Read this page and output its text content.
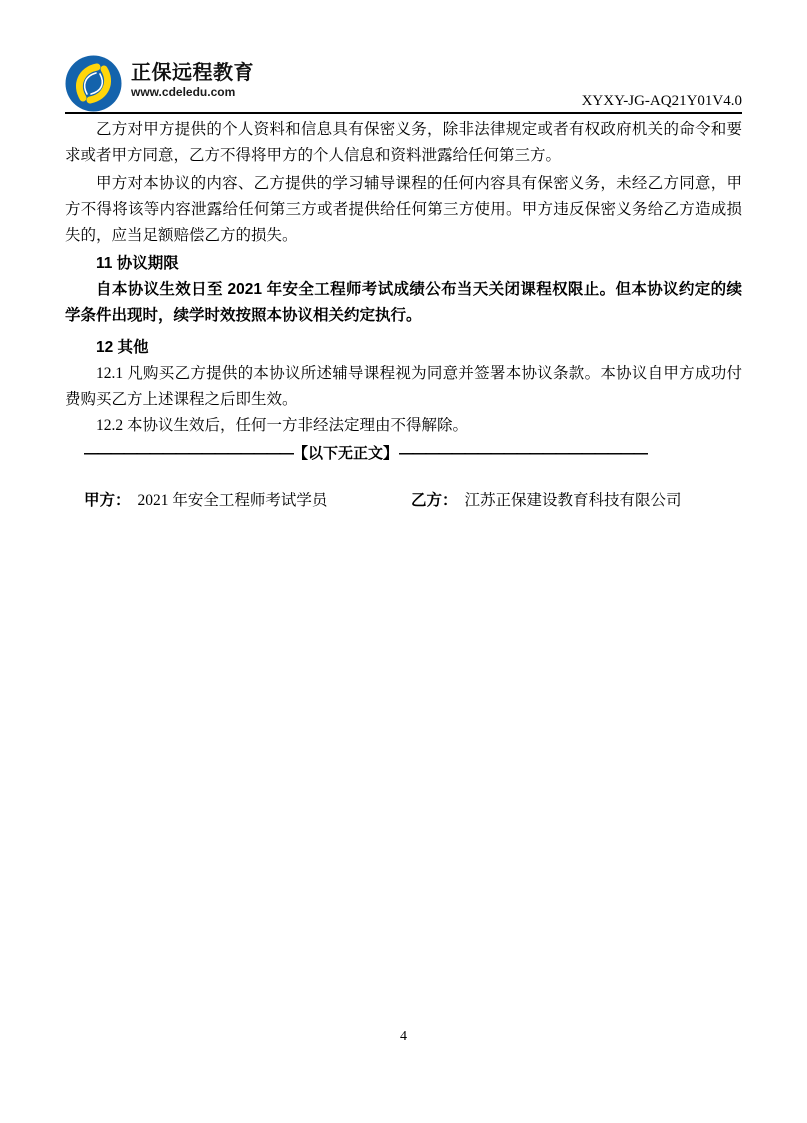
正保远程教育
www.cdeledu.com
XYXY-JG-AQ21Y01V4.0

乙方对甲方提供的个人资料和信息具有保密义务，除非法律规定或者有权政府机关的命令和要求或者甲方同意，乙方不得将甲方的个人信息和资料泄露给任何第三方。

甲方对本协议的内容、乙方提供的学习辅导课程的任何内容具有保密义务，未经乙方同意，甲方不得将该等内容泄露给任何第三方或者提供给任何第三方使用。甲方违反保密义务给乙方造成损失的，应当足额赔偿乙方的损失。

11 协议期限

自本协议生效日至 2021 年安全工程师考试成绩公布当天关闭课程权限止。但本协议约定的续学条件出现时，续学时效按照本协议相关约定执行。

12 其他

12.1 凡购买乙方提供的本协议所述辅导课程视为同意并签署本协议条款。本协议自甲方成功付费购买乙方上述课程之后即生效。

12.2 本协议生效后，任何一方非经法定理由不得解除。

———————————————— 【以下无正文】 ———————————————————
甲方： 2021 年安全工程师考试学员	乙方： 江苏正保建设教育科技有限公司
4
